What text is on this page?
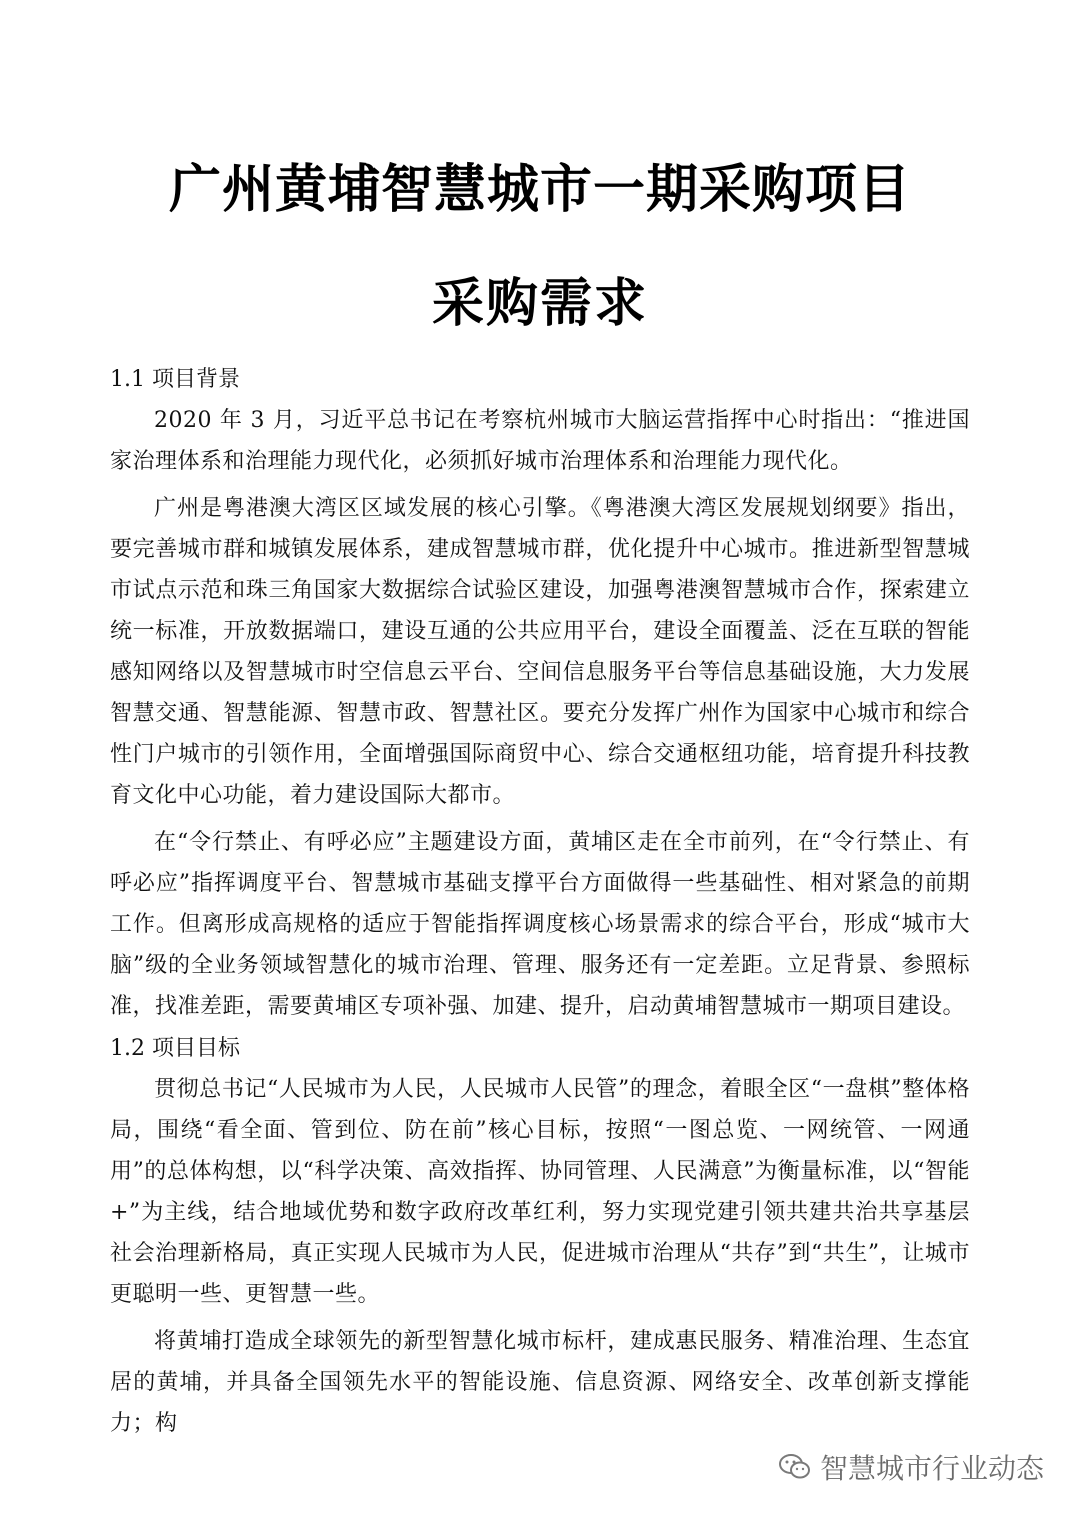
广州黄埔智慧城市一期采购项目
采购需求

1.1 项目背景

2020 年 3 月，习近平总书记在考察杭州城市大脑运营指挥中心时指出：“推进国家治理体系和治理能力现代化，必须抓好城市治理体系和治理能力现代化。

广州是粤港澳大湾区区域发展的核心引擎。《粤港澳大湾区发展规划纲要》指出，要完善城市群和城镇发展体系，建成智慧城市群，优化提升中心城市。推进新型智慧城市试点示范和珠三角国家大数据综合试验区建设，加强粤港澳智慧城市合作，探索建立统一标准，开放数据端口，建设互通的公共应用平台，建设全面覆盖、泛在互联的智能感知网络以及智慧城市时空信息云平台、空间信息服务平台等信息基础设施，大力发展智慧交通、智慧能源、智慧市政、智慧社区。要充分发挥广州作为国家中心城市和综合性门户城市的引领作用，全面增强国际商贸中心、综合交通枢纽功能，培育提升科技教育文化中心功能，着力建设国际大都市。

在“令行禁止、有呼必应”主题建设方面，黄埔区走在全市前列，在“令行禁止、有呼必应”指挥调度平台、智慧城市基础支撑平台方面做得一些基础性、相对紧急的前期工作。但离形成高规格的适应于智能指挥调度核心场景需求的综合平台，形成“城市大脑”级的全业务领域智慧化的城市治理、管理、服务还有一定差距。立足背景、参照标准，找准差距，需要黄埔区专项补强、加建、提升，启动黄埔智慧城市一期项目建设。

1.2 项目目标

贯彻总书记“人民城市为人民，人民城市人民管”的理念，着眼全区“一盘棋”整体格局，围绕“看全面、管到位、防在前”核心目标，按照“一图总览、一网统管、一网通用”的总体构想，以“科学决策、高效指挥、协同管理、人民满意”为衡量标准，以“智能+”为主线，结合地域优势和数字政府改革红利，努力实现党建引领共建共治共享基层社会治理新格局，真正实现人民城市为人民，促进城市治理从“共存”到“共生”，让城市更聪明一些、更智慧一些。

将黄埔打造成全球领先的新型智慧化城市标杆，建成惠民服务、精准治理、生态宜居的黄埔，并具备全国领先水平的智能设施、信息资源、网络安全、改革创新支撑能力；构

智慧城市行业动态
